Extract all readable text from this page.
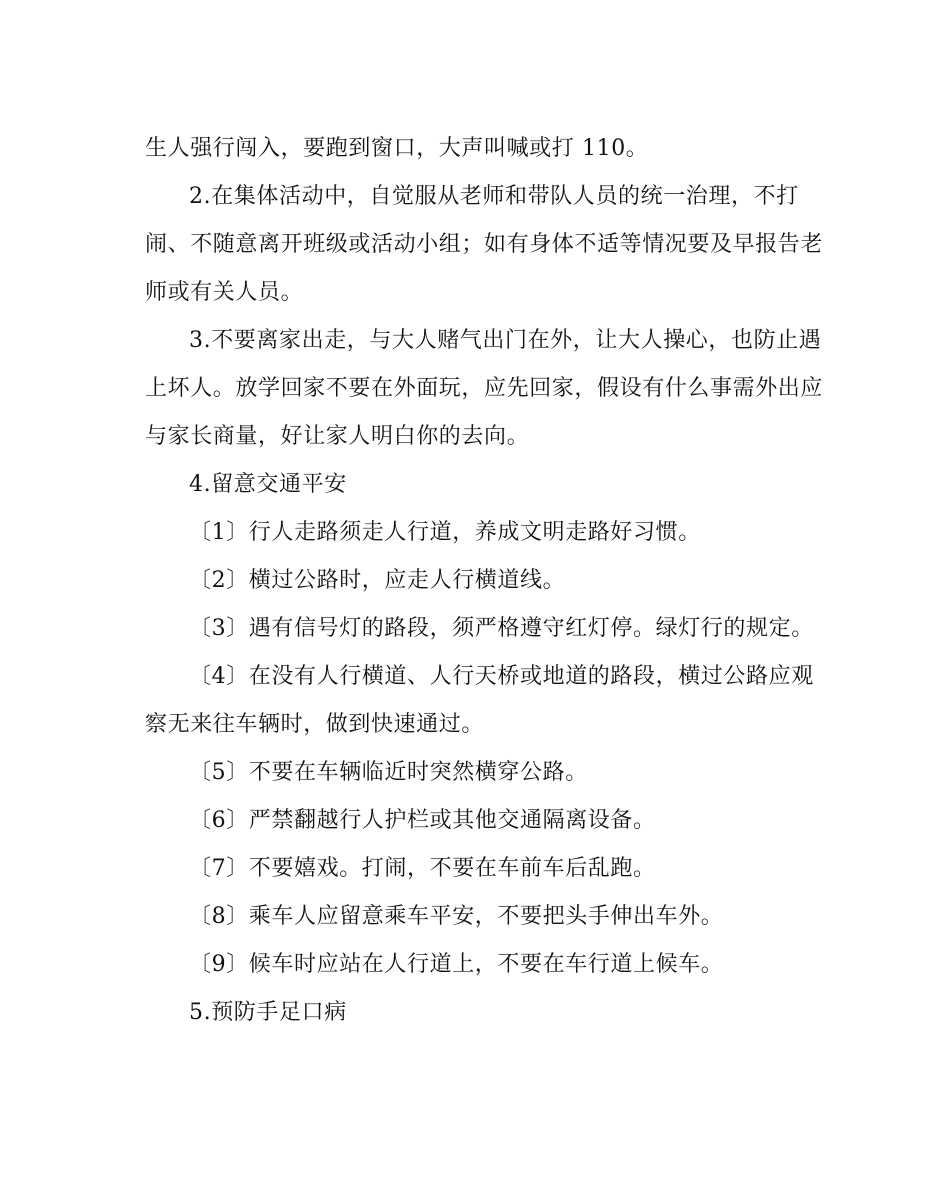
生人强行闯入，要跑到窗口，大声叫喊或打 110。

2.在集体活动中，自觉服从老师和带队人员的统一治理，不打

闹、不随意离开班级或活动小组；如有身体不适等情况要及早报告老

师或有关人员。

3.不要离家出走，与大人赌气出门在外，让大人操心，也防止遇

上坏人。放学回家不要在外面玩，应先回家，假设有什么事需外出应

与家长商量，好让家人明白你的去向。

4.留意交通平安

〔1〕行人走路须走人行道，养成文明走路好习惯。

〔2〕横过公路时，应走人行横道线。

〔3〕遇有信号灯的路段，须严格遵守红灯停。绿灯行的规定。

〔4〕在没有人行横道、人行天桥或地道的路段，横过公路应观

察无来往车辆时，做到快速通过。

〔5〕不要在车辆临近时突然横穿公路。

〔6〕严禁翻越行人护栏或其他交通隔离设备。

〔7〕不要嬉戏。打闹，不要在车前车后乱跑。

〔8〕乘车人应留意乘车平安，不要把头手伸出车外。

〔9〕候车时应站在人行道上，不要在车行道上候车。

5.预防手足口病
